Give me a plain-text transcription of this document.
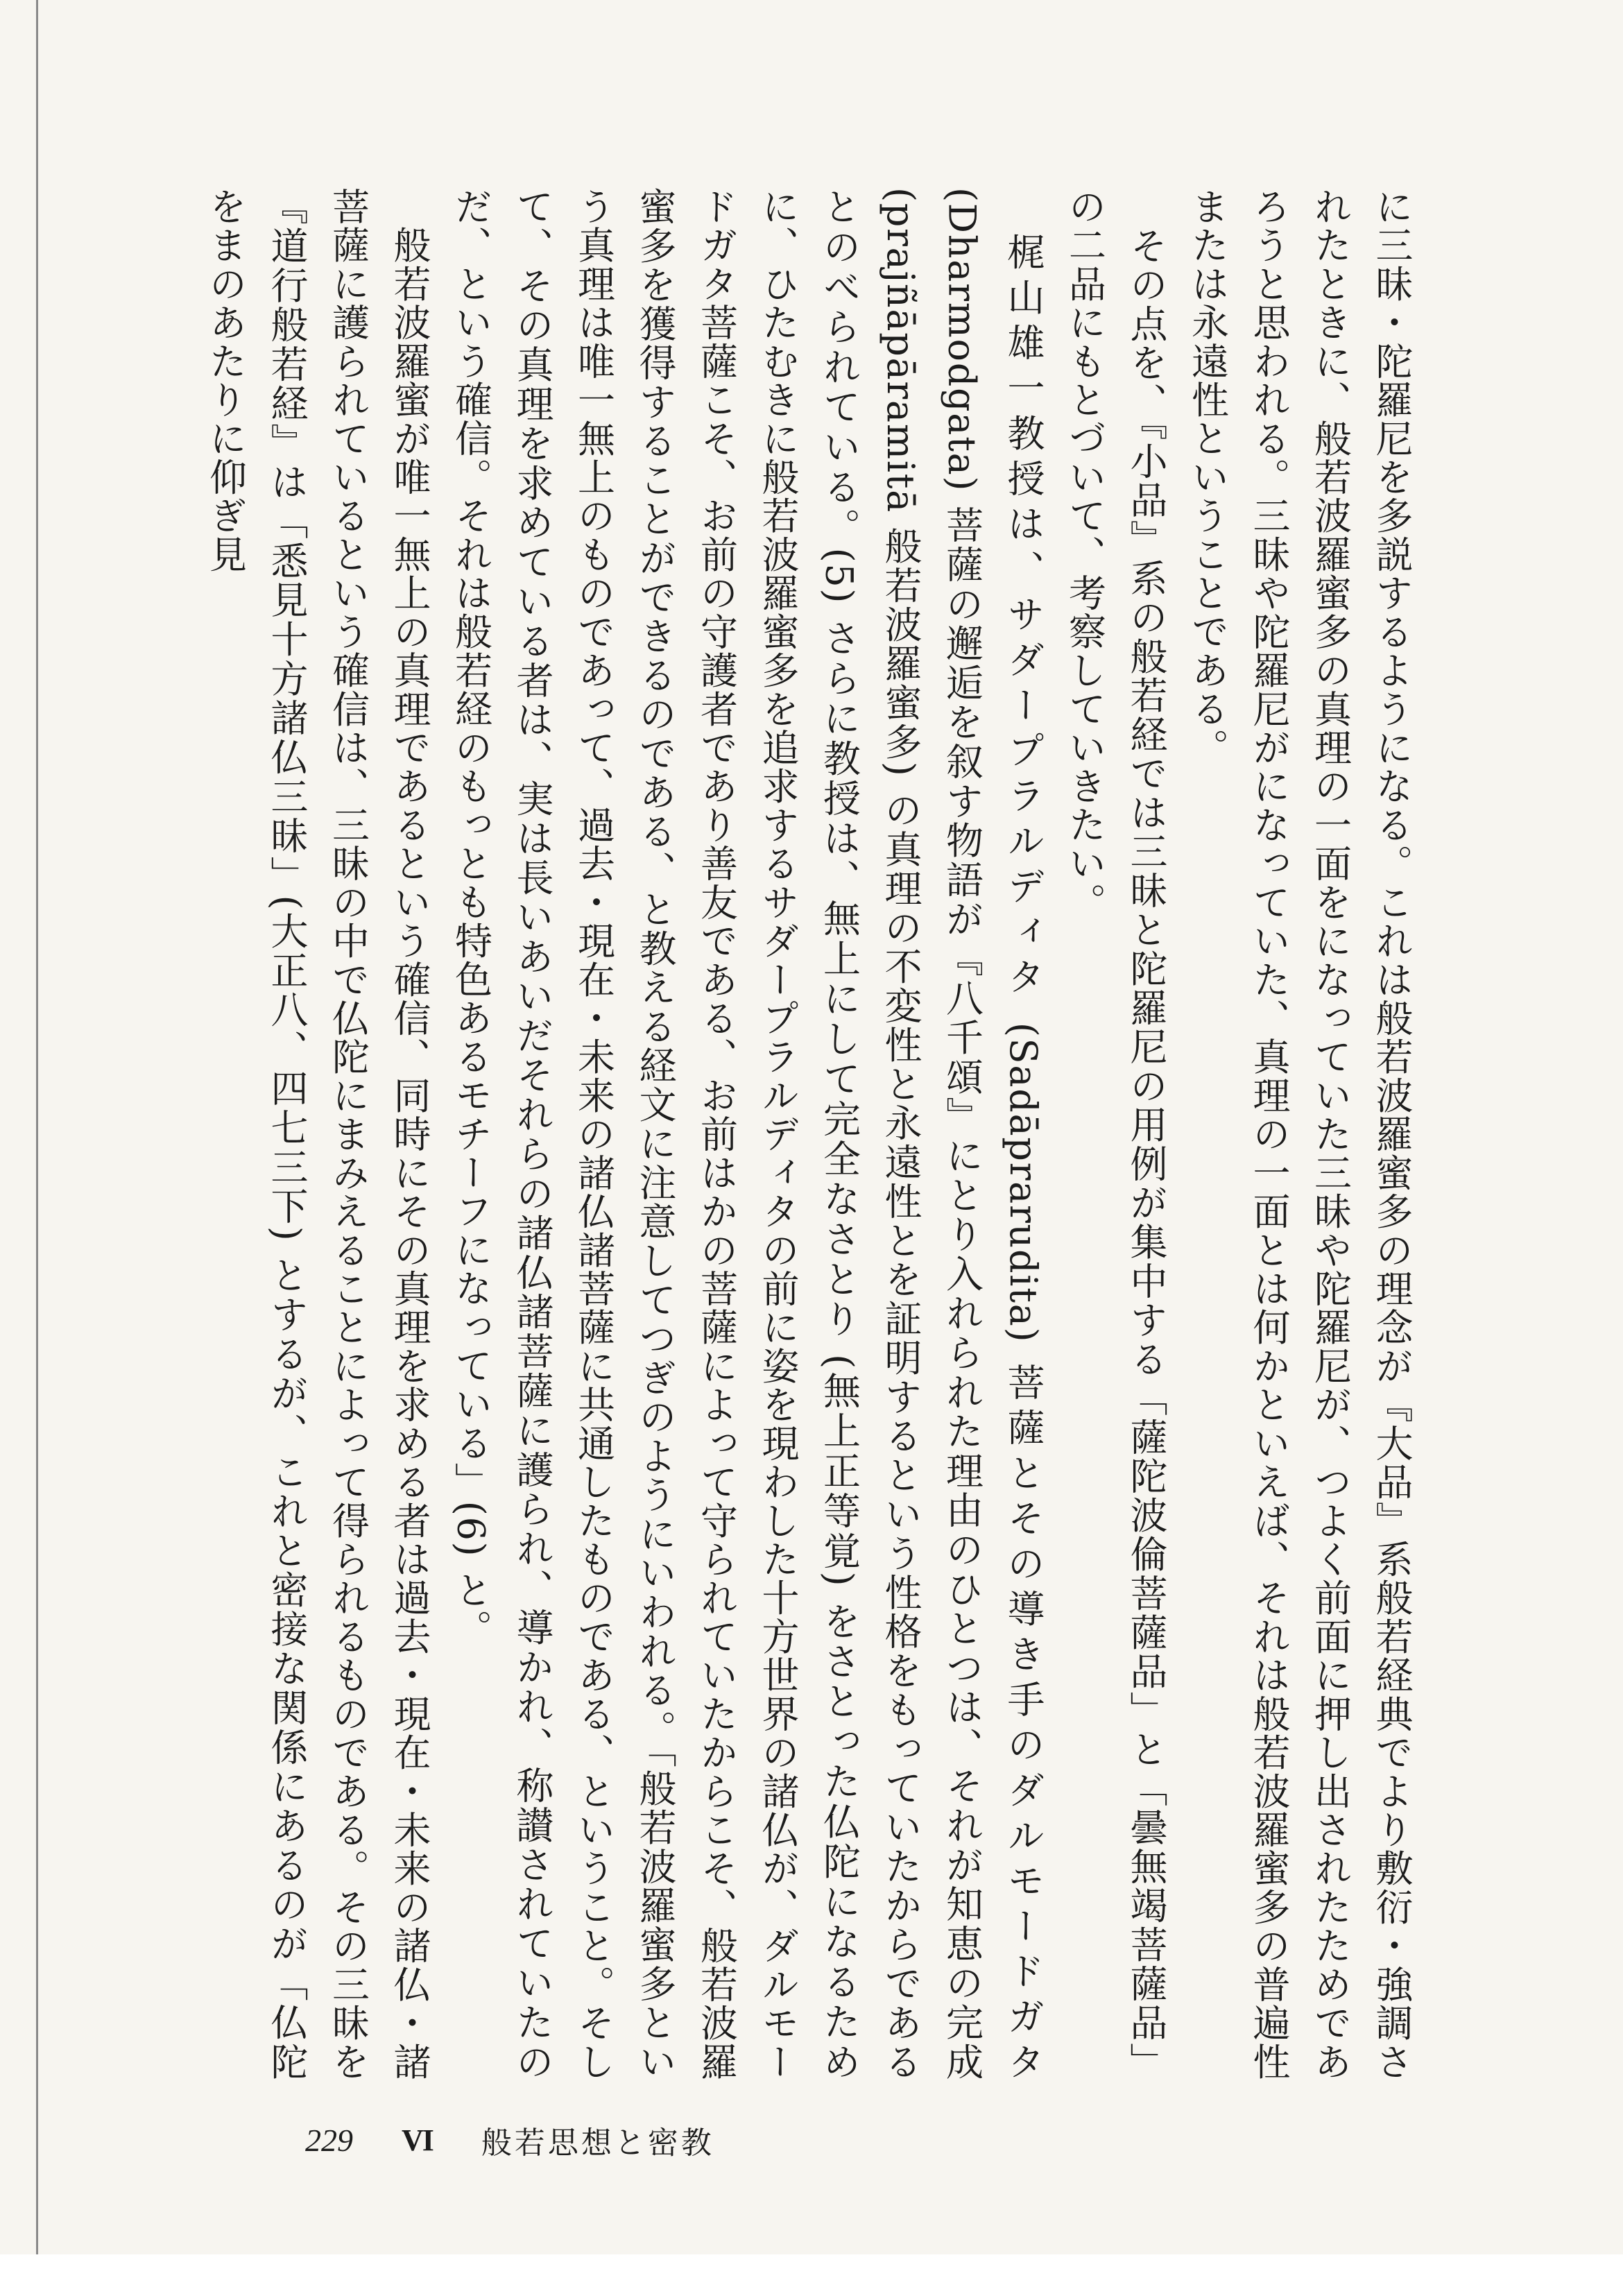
に三昧・陀羅尼を多説するようになる。これは般若波羅蜜多の理念が『大品』系般若経典でより敷衍・強調されたときに、般若波羅蜜多の真理の一面をになっていた三昧や陀羅尼が、つよく前面に押し出されたためであろうと思われる。三昧や陀羅尼がになっていた、真理の一面とは何かといえば、それは般若波羅蜜多の普遍性または永遠性ということである。

　その点を、『小品』系の般若経では三昧と陀羅尼の用例が集中する「薩陀波倫菩薩品」と「曇無竭菩薩品」の二品にもとづいて、考察していきたい。

　梶山雄一教授は、サダープラルディタ (Sadāprarudita) 菩薩とその導き手のダルモードガタ (Dharmodgata) 菩薩の邂逅を叙す物語が『八千頌』にとり入れられた理由のひとつは、それが知恵の完成 (prajñāpāramitā 般若波羅蜜多) の真理の不変性と永遠性とを証明するという性格をもっていたからであるとのべられている。(5) さらに教授は、無上にして完全なさとり (無上正等覚) をさとった仏陀になるために、ひたむきに般若波羅蜜多を追求するサダープラルディタの前に姿を現わした十方世界の諸仏が、ダルモードガタ菩薩こそ、お前の守護者であり善友である、お前はかの菩薩によって守られていたからこそ、般若波羅蜜多を獲得することができるのである、と教える経文に注意してつぎのようにいわれる。「般若波羅蜜多という真理は唯一無上のものであって、過去・現在・未来の諸仏諸菩薩に共通したものである、ということ。そして、その真理を求めている者は、実は長いあいだそれらの諸仏諸菩薩に護られ、導かれ、称讃されていたのだ、という確信。それは般若経のもっとも特色あるモチーフになっている」(6) と。

　般若波羅蜜が唯一無上の真理であるという確信、同時にその真理を求める者は過去・現在・未来の諸仏・諸菩薩に護られているという確信は、三昧の中で仏陀にまみえることによって得られるものである。その三昧を『道行般若経』は「悉見十方諸仏三昧」(大正八、四七三下) とするが、これと密接な関係にあるのが「仏陀をまのあたりに仰ぎ見

229 VI 般若思想と密教
